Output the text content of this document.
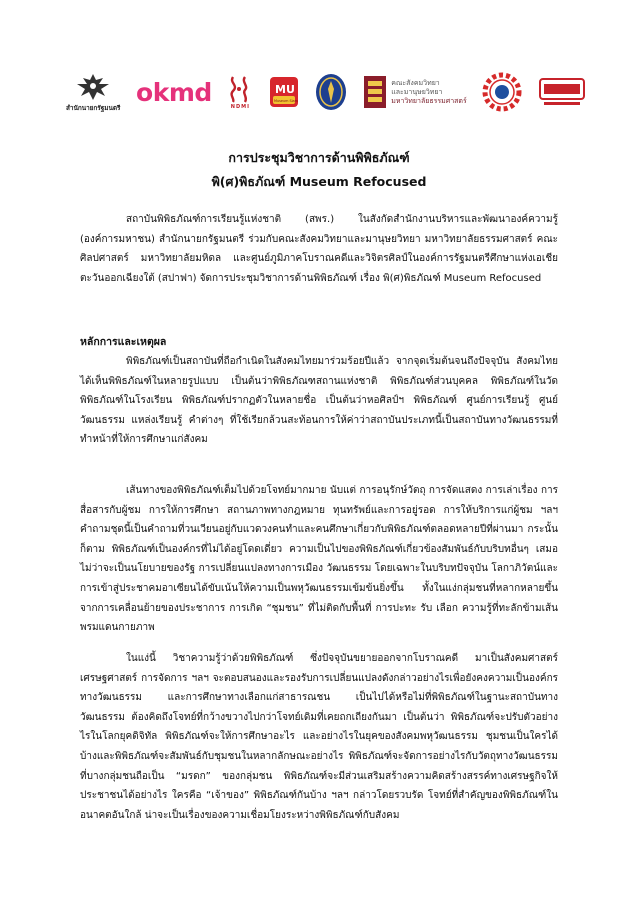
สำนักนายกรัฐมนตรี
okmd
NDMI
MU
Museum Siam
คณะสังคมวิทยา
และมานุษยวิทยา
มหาวิทยาลัยธรรมศาสตร์
การประชุมวิชาการด้านพิพิธภัณฑ์
พิ(ศ)พิธภัณฑ์ Museum Refocused

สถาบันพิพิธภัณฑ์การเรียนรู้แห่งชาติ (สพร.) ในสังกัดสำนักงานบริหารและพัฒนาองค์ความรู้ (องค์การมหาชน) สำนักนายกรัฐมนตรี ร่วมกับคณะสังคมวิทยาและมานุษยวิทยา มหาวิทยาลัยธรรมศาสตร์ คณะศิลปศาสตร์ มหาวิทยาลัยมหิดล และศูนย์ภูมิภาคโบราณคดีและวิจิตรศิลป์ในองค์การรัฐมนตรีศึกษาแห่งเอเชียตะวันออกเฉียงใต้ (สปาฟา) จัดการประชุมวิชาการด้านพิพิธภัณฑ์ เรื่อง พิ(ศ)พิธภัณฑ์ Museum Refocused

หลักการและเหตุผล

พิพิธภัณฑ์เป็นสถาบันที่ถือกำเนิดในสังคมไทยมาร่วมร้อยปีแล้ว จากจุดเริ่มต้นจนถึงปัจจุบัน สังคมไทยได้เห็นพิพิธภัณฑ์ในหลายรูปแบบ เป็นต้นว่าพิพิธภัณฑสถานแห่งชาติ พิพิธภัณฑ์ส่วนบุคคล พิพิธภัณฑ์ในวัด พิพิธภัณฑ์ในโรงเรียน พิพิธภัณฑ์ปรากฏตัวในหลายชื่อ เป็นต้นว่าหอศิลป์ฯ พิพิธภัณฑ์ ศูนย์การเรียนรู้ ศูนย์วัฒนธรรม แหล่งเรียนรู้ คำต่างๆ ที่ใช้เรียกล้วนสะท้อนการให้ค่าว่าสถาบันประเภทนี้เป็นสถาบันทางวัฒนธรรมที่ทำหน้าที่ให้การศึกษาแก่สังคม

เส้นทางของพิพิธภัณฑ์เต็มไปด้วยโจทย์มากมาย นับแต่ การอนุรักษ์วัตถุ การจัดแสดง การเล่าเรื่อง การสื่อสารกับผู้ชม การให้การศึกษา สถานภาพทางกฎหมาย ทุนทรัพย์และการอยู่รอด การให้บริการแก่ผู้ชม ฯลฯ คำถามชุดนี้เป็นคำถามที่วนเวียนอยู่กับแวดวงคนทำและคนศึกษาเกี่ยวกับพิพิธภัณฑ์ตลอดหลายปีที่ผ่านมา กระนั้นก็ตาม พิพิธภัณฑ์เป็นองค์กรที่ไม่ได้อยู่โดดเดี่ยว ความเป็นไปของพิพิธภัณฑ์เกี่ยวข้องสัมพันธ์กับบริบทอื่นๆ เสมอ ไม่ว่าจะเป็นนโยบายของรัฐ การเปลี่ยนแปลงทางการเมือง วัฒนธรรม โดยเฉพาะในบริบทปัจจุบัน โลกาภิวัตน์และการเข้าสู่ประชาคมอาเซียนได้ขับเน้นให้ความเป็นพหุวัฒนธรรมเข้มข้นยิ่งขึ้น ทั้งในแง่กลุ่มชนที่หลากหลายขึ้นจากการเคลื่อนย้ายของประชาการ การเกิด “ชุมชน” ที่ไม่ติดกับพื้นที่ การปะทะ รับ เลือก ความรู้ที่ทะลักข้ามเส้นพรมแดนกายภาพ

ในแง่นี้ วิชาความรู้ว่าด้วยพิพิธภัณฑ์ ซึ่งปัจจุบันขยายออกจากโบราณคดี มาเป็นสังคมศาสตร์ เศรษฐศาสตร์ การจัดการ ฯลฯ จะตอบสนองและรองรับการเปลี่ยนแปลงดังกล่าวอย่างไรเพื่อยังคงความเป็นองค์กรทางวัฒนธรรม และการศึกษาทางเลือกแก่สาธารณชน เป็นไปได้หรือไม่ที่พิพิธภัณฑ์ในฐานะสถาบันทางวัฒนธรรม ต้องคิดถึงโจทย์ที่กว้างขวางไปกว่าโจทย์เดิมที่เคยถกเถียงกันมา เป็นต้นว่า พิพิธภัณฑ์จะปรับตัวอย่างไรในโลกยุคดิจิทัล พิพิธภัณฑ์จะให้การศึกษาอะไร และอย่างไรในยุคของสังคมพหุวัฒนธรรม ชุมชนเป็นใครได้บ้างและพิพิธภัณฑ์จะสัมพันธ์กับชุมชนในหลากลักษณะอย่างไร พิพิธภัณฑ์จะจัดการอย่างไรกับวัตถุทางวัฒนธรรมที่บางกลุ่มชนถือเป็น “มรดก” ของกลุ่มชน พิพิธภัณฑ์จะมีส่วนเสริมสร้างความคิดสร้างสรรค์ทางเศรษฐกิจให้ประชาชนได้อย่างไร ใครคือ “เจ้าของ” พิพิธภัณฑ์กันบ้าง ฯลฯ กล่าวโดยรวบรัด โจทย์ที่สำคัญของพิพิธภัณฑ์ในอนาคตอันใกล้ น่าจะเป็นเรื่องของความเชื่อมโยงระหว่างพิพิธภัณฑ์กับสังคม
